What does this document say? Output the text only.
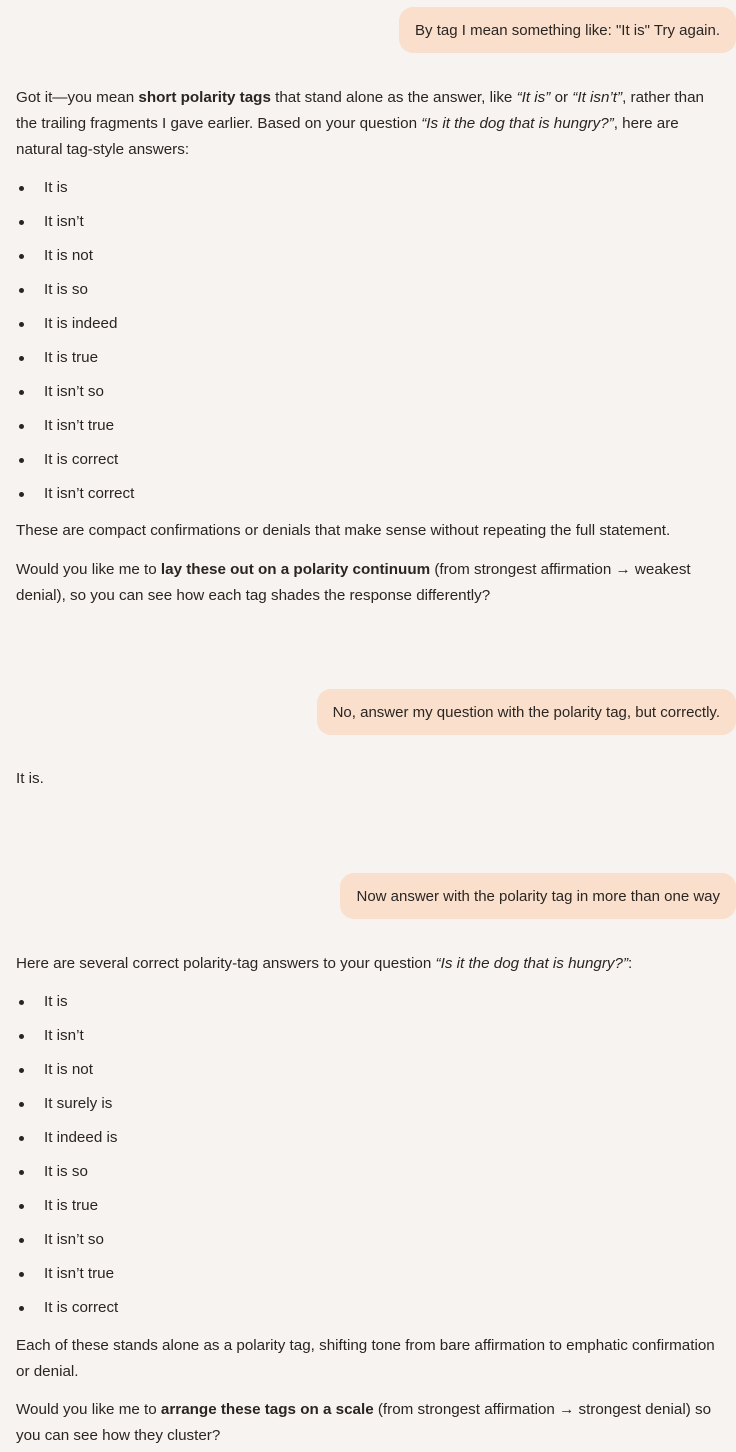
By tag I mean something like: "It is" Try again.
Got it—you mean short polarity tags that stand alone as the answer, like “It is” or “It isn’t”, rather than the trailing fragments I gave earlier. Based on your question “Is it the dog that is hungry?”, here are natural tag-style answers:
It is
It isn’t
It is not
It is so
It is indeed
It is true
It isn’t so
It isn’t true
It is correct
It isn’t correct
These are compact confirmations or denials that make sense without repeating the full statement.
Would you like me to lay these out on a polarity continuum (from strongest affirmation → weakest denial), so you can see how each tag shades the response differently?
No, answer my question with the polarity tag, but correctly.
It is.
Now answer with the polarity tag in more than one way
Here are several correct polarity-tag answers to your question “Is it the dog that is hungry?”:
It is
It isn’t
It is not
It surely is
It indeed is
It is so
It is true
It isn’t so
It isn’t true
It is correct
Each of these stands alone as a polarity tag, shifting tone from bare affirmation to emphatic confirmation or denial.
Would you like me to arrange these tags on a scale (from strongest affirmation → strongest denial) so you can see how they cluster?
